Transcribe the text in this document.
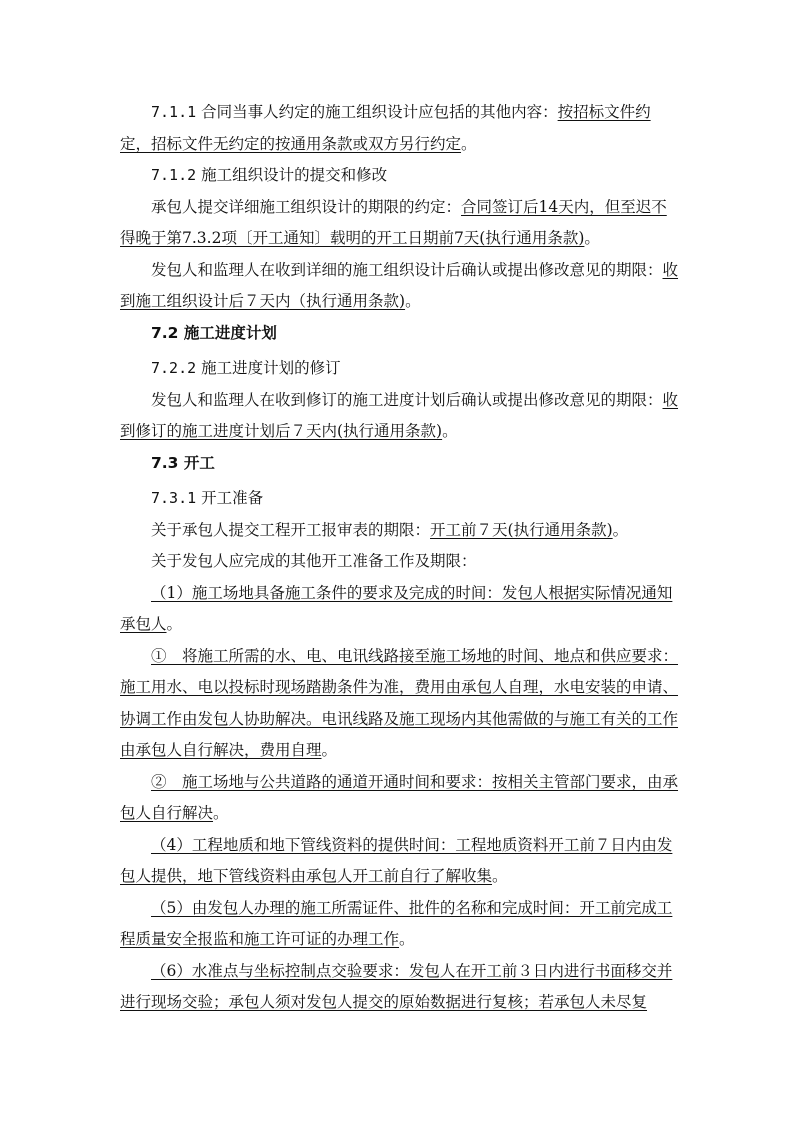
7.1.1 合同当事人约定的施工组织设计应包括的其他内容：按招标文件约定，招标文件无约定的按通用条款或双方另行约定。

7.1.2 施工组织设计的提交和修改

承包人提交详细施工组织设计的期限的约定：合同签订后14天内，但至迟不得晚于第7.3.2项〔开工通知〕载明的开工日期前7天(执行通用条款)。

发包人和监理人在收到详细的施工组织设计后确认或提出修改意见的期限：收到施工组织设计后７天内（执行通用条款)。

7.2 施工进度计划

7.2.2 施工进度计划的修订

发包人和监理人在收到修订的施工进度计划后确认或提出修改意见的期限：收到修订的施工进度计划后７天内(执行通用条款)。

7.3 开工

7.3.1 开工准备

关于承包人提交工程开工报审表的期限：开工前７天(执行通用条款)。

关于发包人应完成的其他开工准备工作及期限：

（1）施工场地具备施工条件的要求及完成的时间：发包人根据实际情况通知承包人。

①　将施工所需的水、电、电讯线路接至施工场地的时间、地点和供应要求：施工用水、电以投标时现场踏勘条件为准，费用由承包人自理，水电安装的申请、协调工作由发包人协助解决。电讯线路及施工现场内其他需做的与施工有关的工作由承包人自行解决，费用自理。

②　施工场地与公共道路的通道开通时间和要求：按相关主管部门要求，由承包人自行解决。

（4）工程地质和地下管线资料的提供时间：工程地质资料开工前７日内由发包人提供，地下管线资料由承包人开工前自行了解收集。

（5）由发包人办理的施工所需证件、批件的名称和完成时间：开工前完成工程质量安全报监和施工许可证的办理工作。

（6）水准点与坐标控制点交验要求：发包人在开工前３日内进行书面移交并进行现场交验；承包人须对发包人提交的原始数据进行复核；若承包人未尽复
